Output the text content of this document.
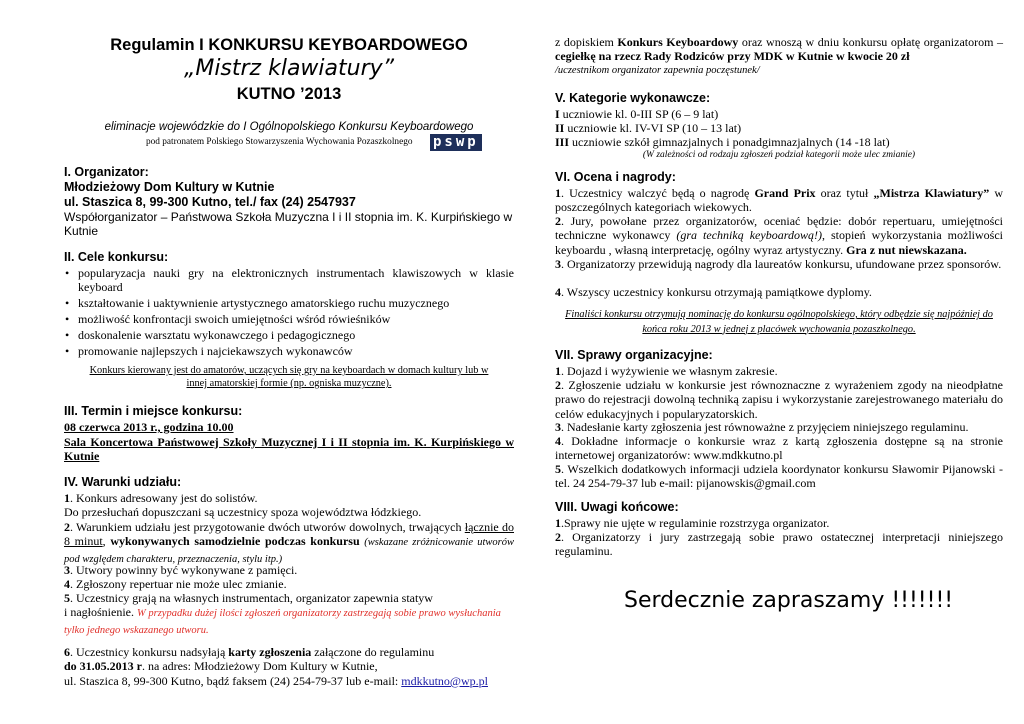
Regulamin I KONKURSU KEYBOARDOWEGO
„Mistrz klawiatury”
KUTNO ’2013
eliminacje wojewódzkie do I Ogólnopolskiego Konkursu Keyboardowego
pod patronatem Polskiego Stowarzyszenia Wychowania Pozaszkolnego pswp
I. Organizator:
Młodzieżowy Dom Kultury w Kutnie
ul. Staszica 8, 99-300 Kutno, tel./ fax (24) 2547937
Współorganizator – Państwowa Szkoła Muzyczna I i II stopnia im. K. Kurpińskiego w Kutnie
II. Cele konkursu:
• popularyzacja nauki gry na elektronicznych instrumentach klawiszowych w klasie keyboard
• kształtowanie i uaktywnienie artystycznego amatorskiego ruchu muzycznego
• możliwość konfrontacji swoich umiejętności wśród rówieśników
• doskonalenie warsztatu wykonawczego i pedagogicznego
• promowanie najlepszych i najciekawszych wykonawców
Konkurs kierowany jest do amatorów, uczących się gry na keyboardach w domach kultury lub w innej amatorskiej formie (np. ogniska muzyczne).
III. Termin i miejsce konkursu:
08 czerwca 2013 r., godzina 10.00
Sala Koncertowa Państwowej Szkoły Muzycznej I i II stopnia im. K. Kurpińskiego w Kutnie
IV. Warunki udziału:
1. Konkurs adresowany jest do solistów.
Do przesłuchań dopuszczani są uczestnicy spoza województwa łódzkiego.
2. Warunkiem udziału jest przygotowanie dwóch utworów dowolnych, trwających łącznie do 8 minut, wykonywanych samodzielnie podczas konkursu (wskazane zróżnicowanie utworów pod względem charakteru, przeznaczenia, stylu itp.)
3. Utwory powinny być wykonywane z pamięci.
4. Zgłoszony repertuar nie może ulec zmianie.
5. Uczestnicy grają na własnych instrumentach, organizator zapewnia statyw
i nagłośnienie. W przypadku dużej ilości zgłoszeń organizatorzy zastrzegają sobie prawo wysłuchania tylko jednego wskazanego utworu.
6. Uczestnicy konkursu nadsyłają karty zgłoszenia załączone do regulaminu
do 31.05.2013 r. na adres: Młodzieżowy Dom Kultury w Kutnie,
ul. Staszica 8, 99-300 Kutno, bądź faksem (24) 254-79-37 lub e-mail: mdkkutno@wp.pl
z dopiskiem Konkurs Keyboardowy oraz wnoszą w dniu konkursu opłatę organizatorom – cegiełkę na rzecz Rady Rodziców przy MDK w Kutnie w kwocie 20 zł
/uczestnikom organizator zapewnia poczęstunek/
V. Kategorie wykonawcze:
I uczniowie kl. 0-III SP (6 – 9 lat)
II uczniowie kl. IV-VI SP (10 – 13 lat)
III uczniowie szkół gimnazjalnych i ponadgimnazjalnych (14 -18 lat)
(W zależności od rodzaju zgłoszeń podział kategorii może ulec zmianie)
VI. Ocena i nagrody:
1. Uczestnicy walczyć będą o nagrodę Grand Prix oraz tytuł „Mistrza Klawiatury” w poszczególnych kategoriach wiekowych.
2. Jury, powołane przez organizatorów, oceniać będzie: dobór repertuaru, umiejętności techniczne wykonawcy (gra techniką keyboardową!), stopień wykorzystania możliwości keyboardu , własną interpretację, ogólny wyraz artystyczny. Gra z nut niewskazana.
3. Organizatorzy przewidują nagrody dla laureatów konkursu, ufundowane przez sponsorów.
4. Wszyscy uczestnicy konkursu otrzymają pamiątkowe dyplomy.
Finaliści konkursu otrzymują nominację do konkursu ogólnopolskiego, który odbędzie się najpóźniej do końca roku 2013 w jednej z placówek wychowania pozaszkolnego.
VII. Sprawy organizacyjne:
1. Dojazd i wyżywienie we własnym zakresie.
2. Zgłoszenie udziału w konkursie jest równoznaczne z wyrażeniem zgody na nieodpłatne prawo do rejestracji dowolną techniką zapisu i wykorzystanie zarejestrowanego materiału do celów edukacyjnych i popularyzatorskich.
3. Nadesłanie karty zgłoszenia jest równoważne z przyjęciem niniejszego regulaminu.
4. Dokładne informacje o konkursie wraz z kartą zgłoszenia dostępne są na stronie internetowej organizatorów: www.mdkkutno.pl
5. Wszelkich dodatkowych informacji udziela koordynator konkursu Sławomir Pijanowski - tel. 24 254-79-37 lub e-mail: pijanowskis@gmail.com
VIII. Uwagi końcowe:
1.Sprawy nie ujęte w regulaminie rozstrzyga organizator.
2. Organizatorzy i jury zastrzegają sobie prawo ostatecznej interpretacji niniejszego regulaminu.
Serdecznie zapraszamy !!!!!!!
